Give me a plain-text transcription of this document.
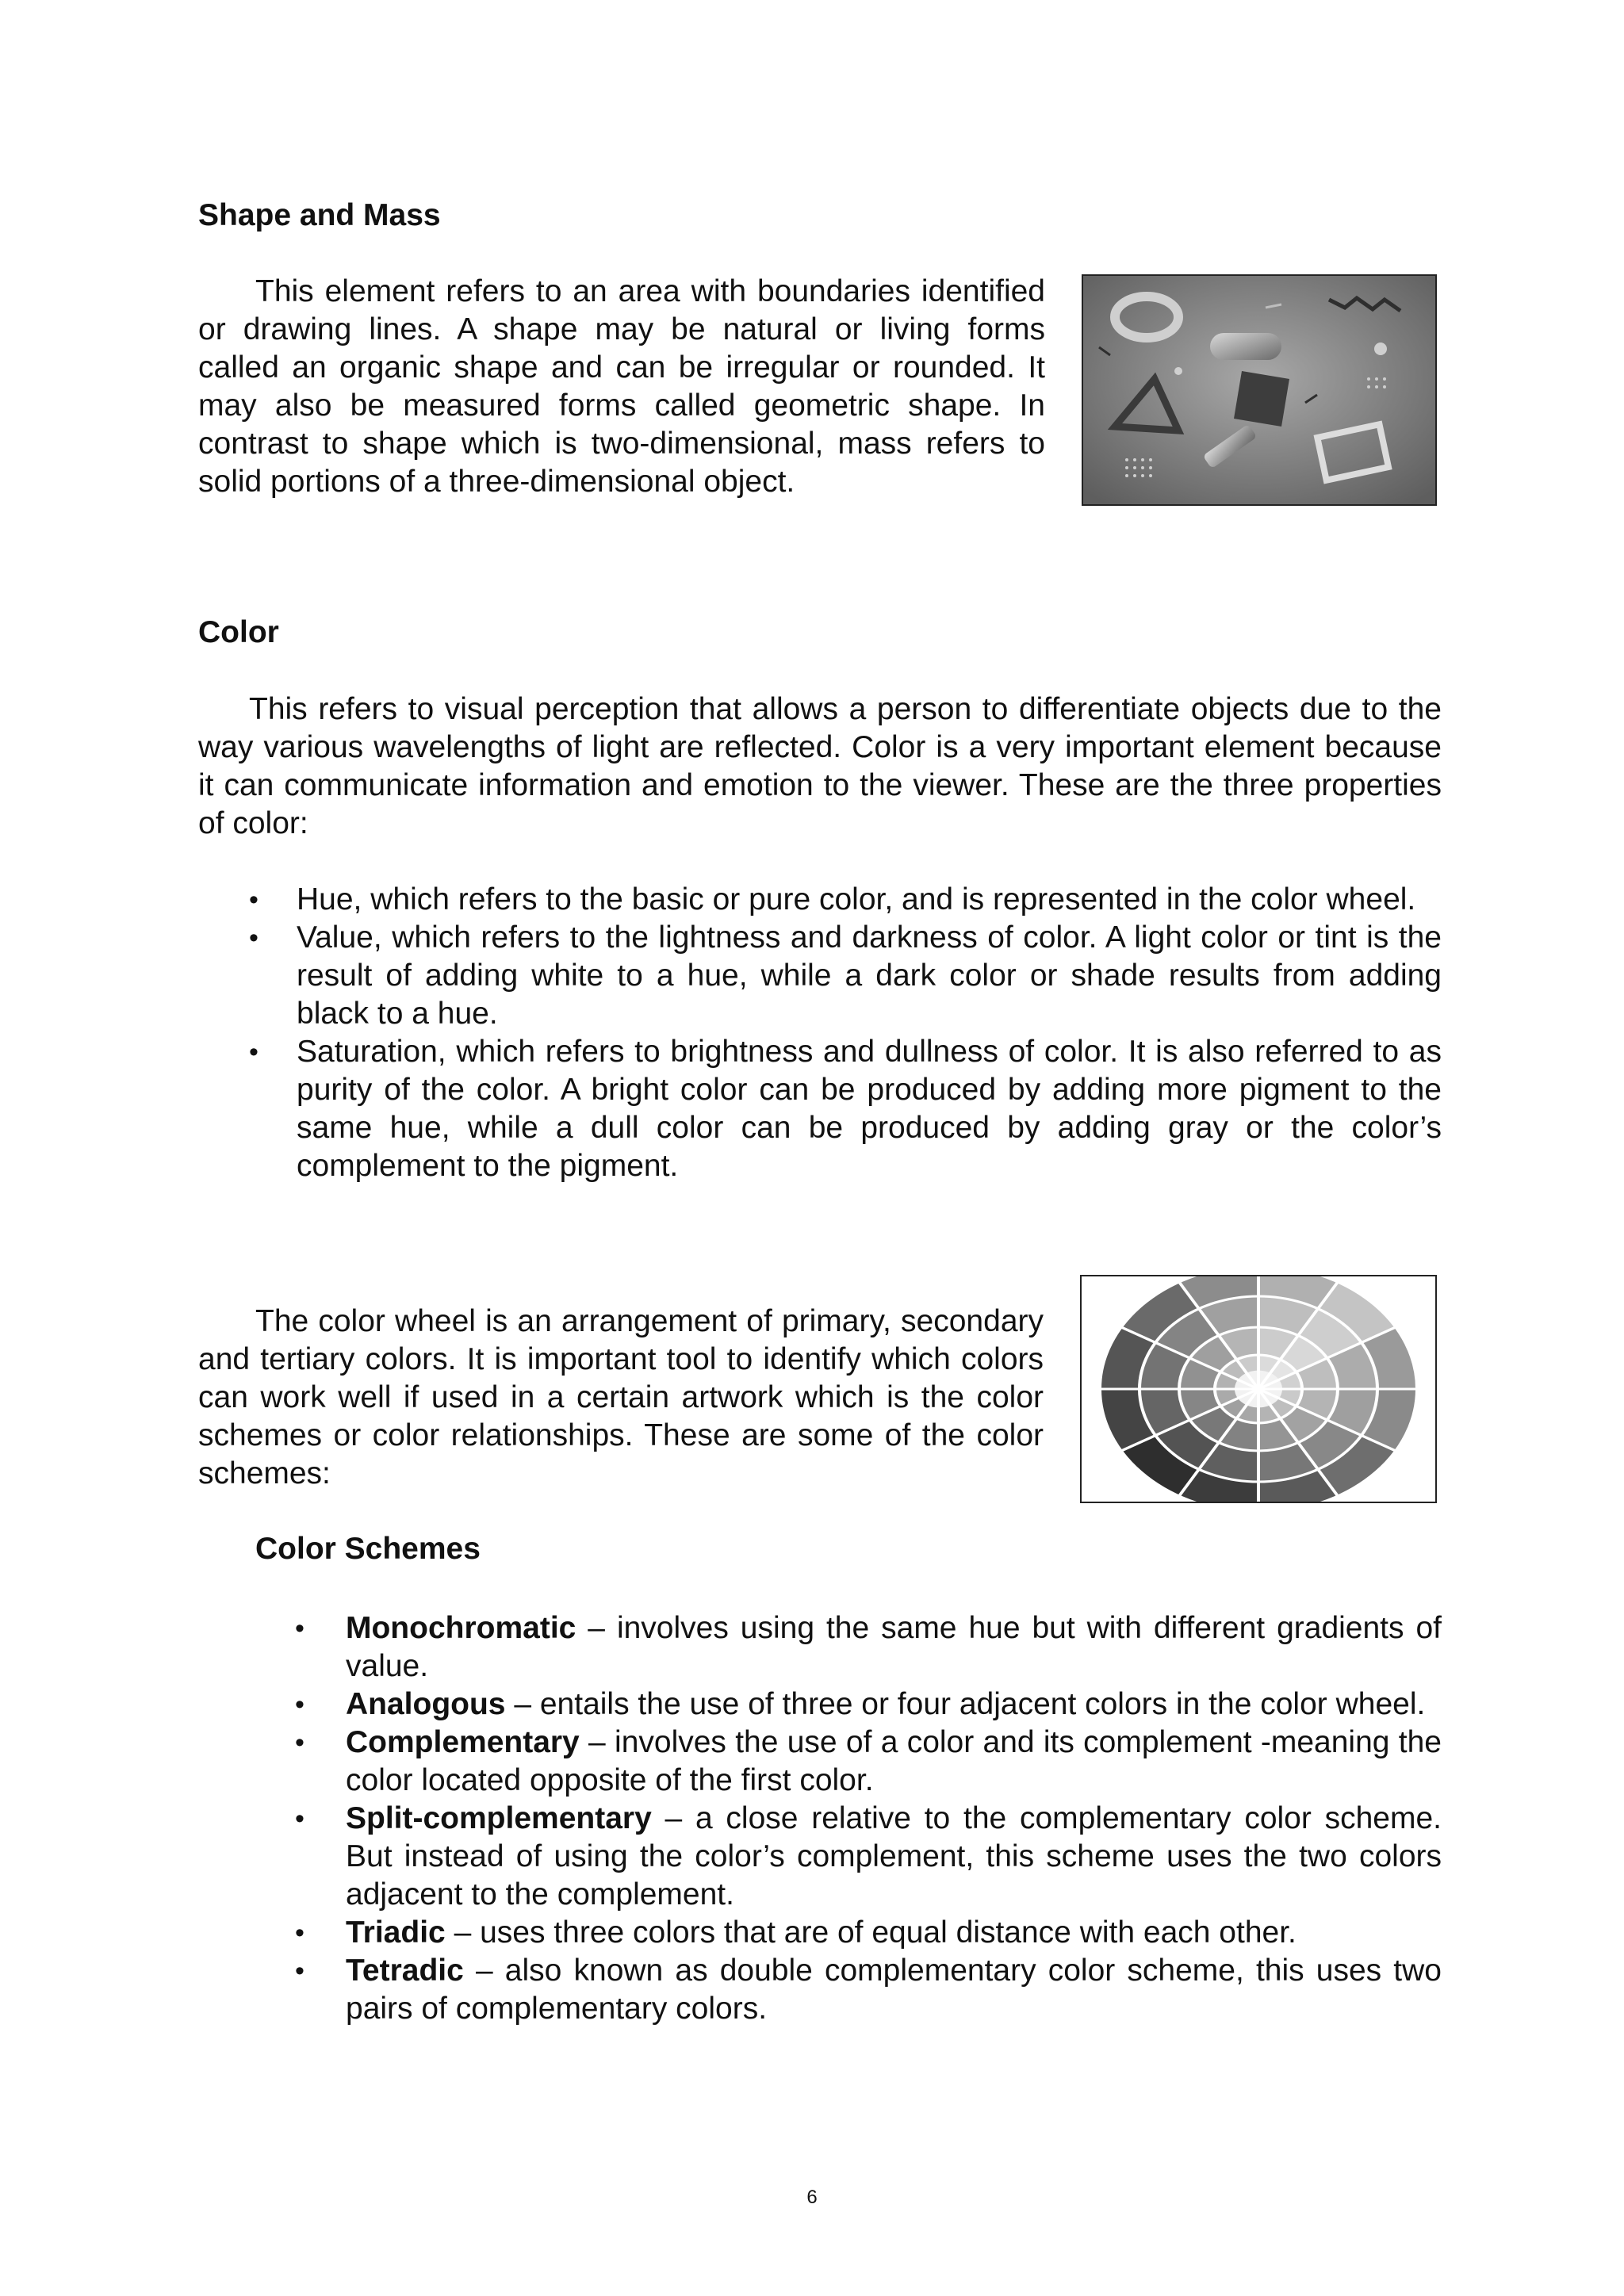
Shape and Mass

This element refers to an area with boundaries identified or drawing lines. A shape may be natural or living forms called an organic shape and can be irregular or rounded. It may also be measured forms called geometric shape. In contrast to shape which is two-dimensional, mass refers to solid portions of a three-dimensional object.

Color

This refers to visual perception that allows a person to differentiate objects due to the way various wavelengths of light are reflected. Color is a very important element because it can communicate information and emotion to the viewer. These are the three properties of color:

• Hue, which refers to the basic or pure color, and is represented in the color wheel.
• Value, which refers to the lightness and darkness of color. A light color or tint is the result of adding white to a hue, while a dark color or shade results from adding black to a hue.
• Saturation, which refers to brightness and dullness of color. It is also referred to as purity of the color. A bright color can be produced by adding more pigment to the same hue, while a dull color can be produced by adding gray or the color’s complement to the pigment.

The color wheel is an arrangement of primary, secondary and tertiary colors. It is important tool to identify which colors can work well if used in a certain artwork which is the color schemes or color relationships. These are some of the color schemes:

Color Schemes
• Monochromatic – involves using the same hue but with different gradients of value.
• Analogous – entails the use of three or four adjacent colors in the color wheel.
• Complementary – involves the use of a color and its complement -meaning the color located opposite of the first color.
• Split-complementary – a close relative to the complementary color scheme. But instead of using the color’s complement, this scheme uses the two colors adjacent to the complement.
• Triadic – uses three colors that are of equal distance with each other.
• Tetradic – also known as double complementary color scheme, this uses two pairs of complementary colors.
6
